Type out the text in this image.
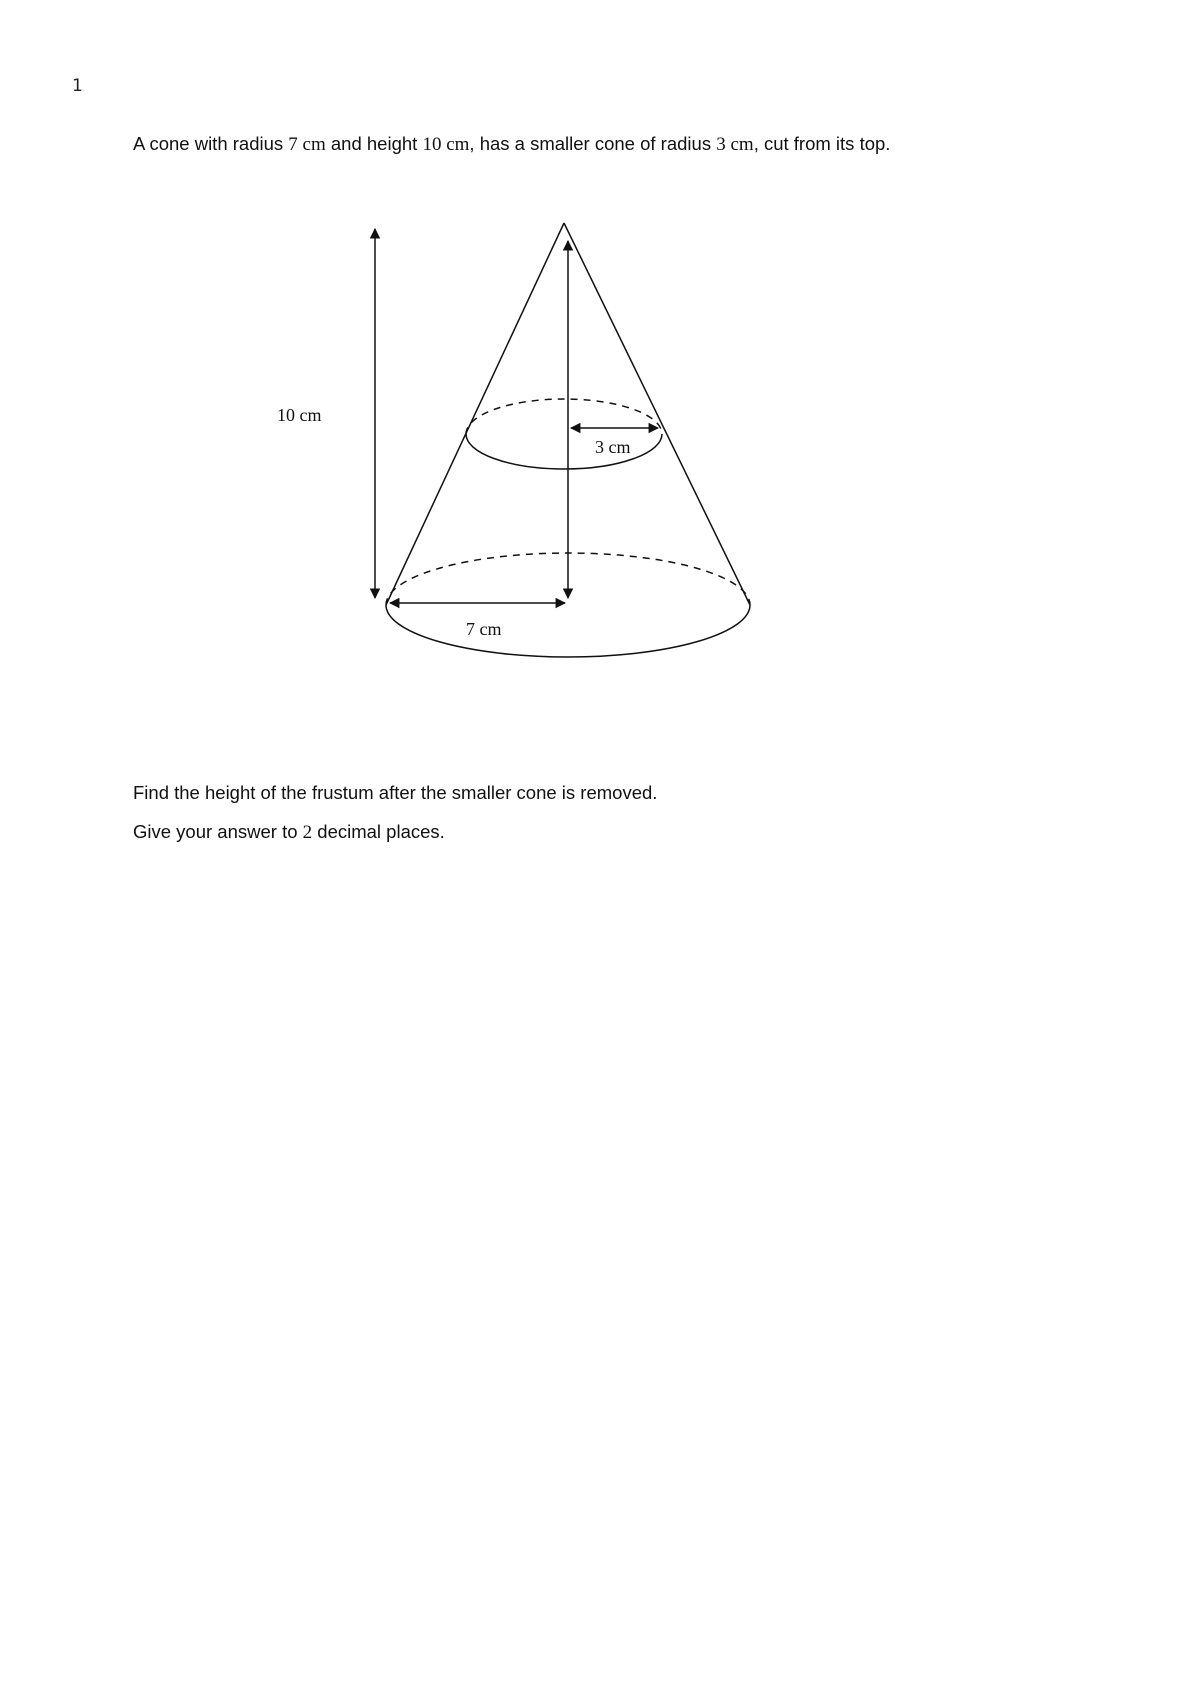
1
A cone with radius 7 cm and height 10 cm, has a smaller cone of radius 3 cm, cut from its top.
10 cm
3 cm
7 cm
Find the height of the frustum after the smaller cone is removed.
Give your answer to 2 decimal places.
